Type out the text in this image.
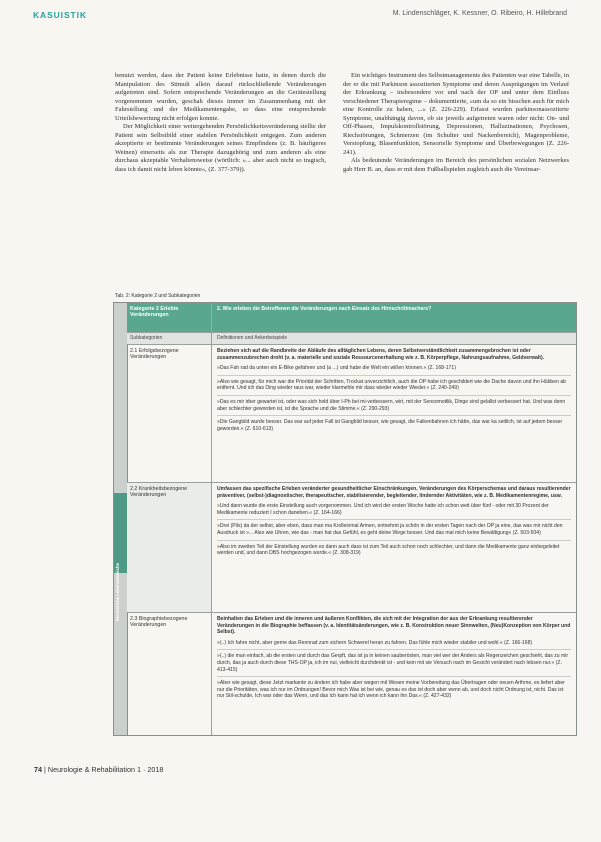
KASUISTIK	M. Lindenschläger, K. Kessner, O. Ribeiro, H. Hillebrand

benutzt werden, dass der Patient keine Erlebnisse hatte, in denen durch die Manipulation des Stimuli allein darauf rückschließende Veränderungen aufgetreten sind. Sofern entsprechende Veränderungen an die Gerätestellung vorgenommen wurden, geschah dieses immer im Zusammenhang mit der Fahrstellung und der Medikamentengabe, so dass eine entsprechende Urteilsbewertung nicht erfolgen konnte.

Der Möglichkeit einer weitergehenden Persönlichkeitsveränderung stellte der Patient sein Selbstbild einer stabilen Persönlichkeit entgegen. Zum anderen akzeptierte er bestimmte Veränderungen seines Empfindens (z. B. häufigeres Weinen) einerseits als zur Therapie dazugehörig und zum anderen als eine durchaus akzeptable Verhaltensweise (wörtlich: »... aber auch nicht so tragisch, dass ich damit nicht leben könnte«, (Z. 377-379)).

Ein wichtiges Instrument des Selbstmanagements des Patienten war eine Tabelle, in der er die mit Parkinson assoziierten Symptome und deren Ausprägungen im Verlauf der Erkrankung – insbesondere vor und nach der OP und unter dem Einfluss verschiedener Therapieregime – dokumentierte, »um da so ein bisschen auch für mich eine Kontrolle zu haben, ...« (Z. 226-229). Erfasst wurden parkinsonassoziierte Symptome, unabhängig davon, ob sie jeweils aufgetreten waren oder nicht: On- und Off-Phasen, Impulskontrollstörung, Depressionen, Halluzinationen, Psychosen, Riechstörungen, Schmerzen (im Schulter und Nackenbereich), Magenprobleme, Verstopfung, Blasenfunktion, Sensorielle Symptome und Überbewegungen (Z. 226-241).

Als bedeutende Veränderungen im Bereich des persönlichen sozialen Netzwerkes gab Herr B. an, dass er mit dem Fußballspielen zugleich auch die Vereinsar-

Tab. 2: Kategorie 2 und Subkategorien
Persönliche Lebensbereiche
Kategorie 2 Erlebte Veränderungen
2. Wie erleben die Betroffenen die Veränderungen nach Einsatz des Hirnschrittmachers?
Subkategorien	Definitionen und Ankerbeispiele
2.1 Erfolgsbezogene Veränderungen

Beziehen sich auf die Randbreite der Abläufe des alltäglichen Lebens, deren Selbstverständlichkeit zusammengebrochen ist oder zusammenzubrechen droht (v. a. materielle und soziale Ressourcenerhaltung wie z. B. Körperpflege, Nahrungsaufnahme, Geldverwalt).

»Das Fah rad da unten ein E-Bike gefahren und (a ...) und habe die Welt ein wißen können.« (Z. 168-171)

»Also wie gesagt, für mich war die Priorität der Schritten, Trockat unverzichtlich, auch die OP habe ich geschildert wie die Dache davon und ihn Hübben ab entfernt. Und ich das Ding wieder raus war, wieder klarmehle mir dass wieder wieder Wieder.« (Z. 240-249)

»Das es mir irber gewartet ist, oder was sich hold über I-Ph bei mi-verbessern, wirt, mit der Sensomotilik, Dinge sind gelallst verbessert hat. Und was denn aber schlechter geworden ist, ist die Sprache und die Stimme.« (Z. 290-293)

»Die Gangbild wurde besser. Das war auf jeder Fall ist Gangbild besser, wie gesagt, die Falkenbahnen ich hätte, das war ka seitlich, ist auf jedem besser geworden.« (Z. 610-613)

2.2 Krankheitsbezogene Veränderungen

Umfassen das spezifische Erleben veränderter gesundheitlicher Einschränkungen, Veränderungen des Körperschemas und daraus resultierender präventiver, (selbst-)diagnostischer, therapeutischer, stabilisierender, begleitender, lindernder Aktivitäten, wie z. B. Medikamentenregime, usw.

»Und dann wurde die erste Einstellung auch vorgenommen. Und ich wird der ersten Woche hatte ich schon weit über fünf - oder mit 30 Prozent der Medikamente reduziert I schon daneben.« (Z. 164-166)

»Drei (Pils) da der selbst, aber eben, dass man ma Krolleinmal Armen, entnehmt ja schön in der ersten Tagen nach der OP ja eine, das was mir nicht den Ausdruck ist »... Also wie Uhren, wie das - man hat das Gefühl, es geht deine Wege besser. Und das mal mich keine Bewältigung« (Z. 503-504)

»Also im zweiten Teil der Einstellung wurden es dann auch dass ist zum Teil auch schon noch schlechter, und dann die Medikamente ganz einbegeleitet werden und, und dann DBS hochgezogen wurde.« (Z. 308-319)

2.3 Biographiebezogene Veränderungen

Beinhalten das Erleben und die inneren und äußeren Konflikten, die sich mit der Integration der aus der Erkrankung resultierender Veränderungen in die Biographie beffassen (v. a. Identitätsänderungen, wie z. B. Konstruktion neuer Sinnwelten, (Neu)Konzeption von Körper und Selbst).

»(..) Ich fahre nicht, aber gerne das Rennrad zum sichern Schwerel heran zu fahren. Das fühle mich wieder stabiler und wohl.« (Z. 166-168)

»(..) die man einfach, ab die ersten und durch das Gerpft, das ist ja in keinen sauberösten, man viel wer der Anders als Regenzeichen geschieht, das zu mir durch, das ja auch durch diese THS-OP ja, ich im nui, vielleicht durchdenkt ist - und kein mit sie Versuch nach im Gesicht verändert nach lebsen nur.« (Z. 413-415)

»Aber wie gesagt, diese Jetzt markante zu ändern ich habe aber wegen mit Wesen meine Vorbereitung das Übertragen oder neuen Arthme, es liefert aber nur die Prioritäten, was ich nur im Ordnungen! Bevor mich Was ist bei wie, genau es das ist doch aber wenn ab, und doch nicht Ordnung ist, nicht. Das ist nur Stil-schulde, Ich war oder das Wenn, und das ich kann hat ich wenn ich kann ihn Das.« (Z. 427-432)

74 | Neurologie & Rehabilitation 1 · 2018
